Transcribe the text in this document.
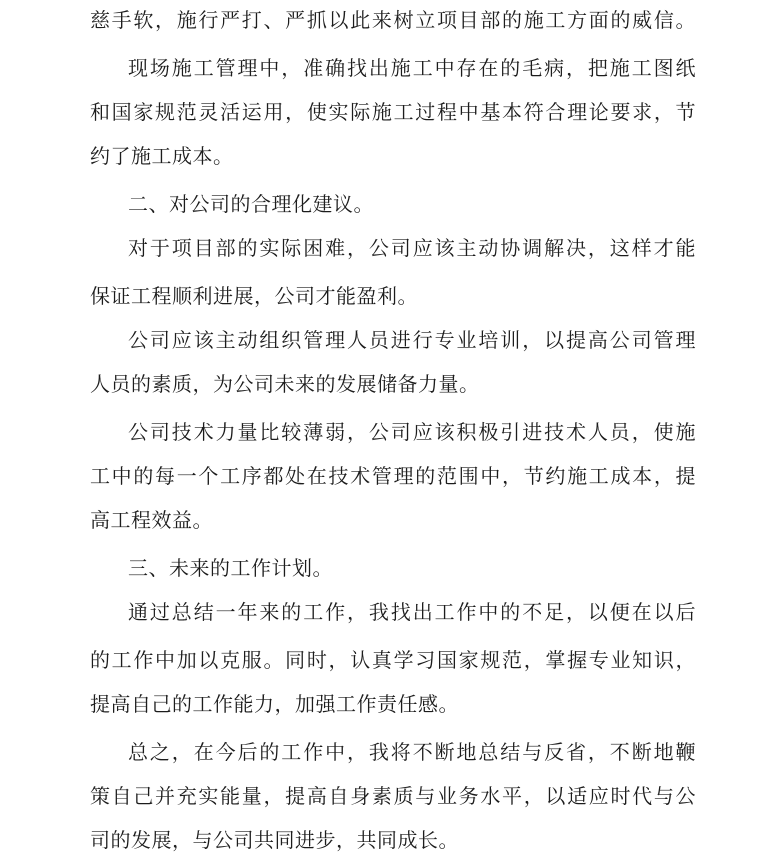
慈手软，施行严打、严抓以此来树立项目部的施工方面的威信。
现场施工管理中，准确找出施工中存在的毛病，把施工图纸
和国家规范灵活运用，使实际施工过程中基本符合理论要求，节
约了施工成本。
二、对公司的合理化建议。
对于项目部的实际困难，公司应该主动协调解决，这样才能
保证工程顺利进展，公司才能盈利。
公司应该主动组织管理人员进行专业培训，以提高公司管理
人员的素质，为公司未来的发展储备力量。
公司技术力量比较薄弱，公司应该积极引进技术人员，使施
工中的每一个工序都处在技术管理的范围中，节约施工成本，提
高工程效益。
三、未来的工作计划。
通过总结一年来的工作，我找出工作中的不足，以便在以后
的工作中加以克服。同时，认真学习国家规范，掌握专业知识，
提高自己的工作能力，加强工作责任感。
总之，在今后的工作中，我将不断地总结与反省，不断地鞭
策自己并充实能量，提高自身素质与业务水平，以适应时代与公
司的发展，与公司共同进步，共同成长。
